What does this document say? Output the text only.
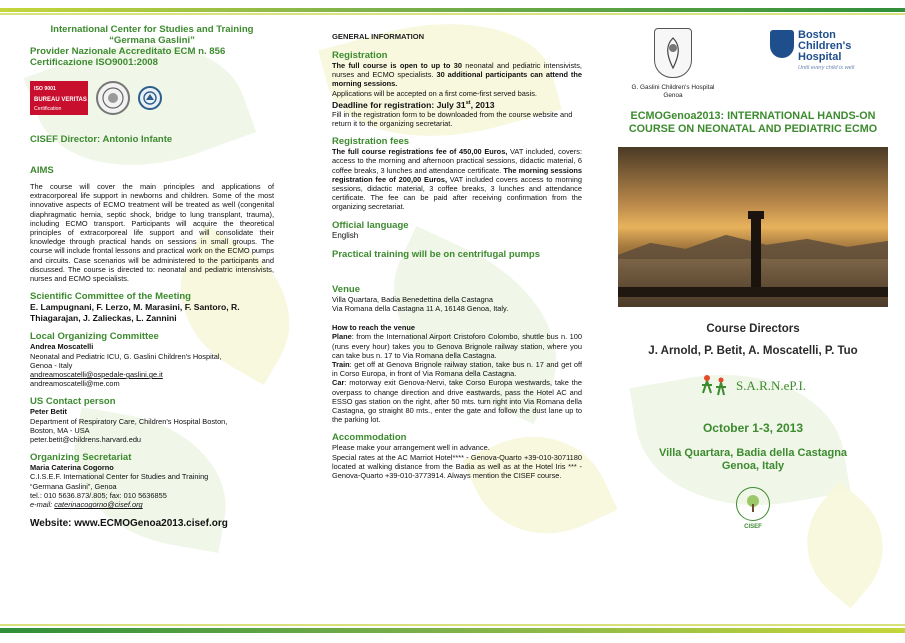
International Center for Studies and Training
“Germana Gaslini”
Provider Nazionale Accreditato ECM n. 856
Certificazione ISO9001:2008
ISO 9001
BUREAU VERITAS
Certification
CISEF Director: Antonio Infante
AIMS
The course will cover the main principles and applications of extracorporeal life support in newborns and children. Some of the most innovative aspects of ECMO treatment will be treated as well (congenital diaphragmatic hernia, septic shock, bridge to lung transplant, trauma), including ECMO transport. Participants will acquire the theoretical principles of extracorporeal life support and will consolidate their knowledge through practical hands on sessions in small groups. The course will include frontal lessons and practical work on the ECMO pumps and circuits. Case scenarios will be administered to the participants and discussed. The course is directed to: neonatal and pediatric intensivists, nurses and ECMO specialists.
Scientific Committee of the Meeting
E. Lampugnani, F. Lerzo, M. Marasini, F. Santoro, R. Thiagarajan, J. Zalieckas, L. Zannini
Local Organizing Committee
Andrea Moscatelli
Neonatal and Pediatric ICU, G. Gaslini Children's Hospital,
Genoa - Italy
andreamoscatelli@ospedale-gaslini.ge.it
andreamoscatelli@me.com
US Contact person
Peter Betit
Department of Respiratory Care, Children's Hospital Boston,
Boston, MA - USA
peter.betit@childrens.harvard.edu
Organizing Secretariat
Maria Caterina Cogorno
C.I.S.E.F. International Center for Studies and Training
“Germana Gaslini”, Genoa
tel.: 010 5636.873/.805; fax: 010 5636855
e-mail: caterinacogorno@cisef.org
Website: www.ECMOGenoa2013.cisef.org
GENERAL INFORMATION
Registration
The full course is open to up to 30 neonatal and pediatric intensivists, nurses and ECMO specialists. 30 additional participants can attend the morning sessions.
Applications will be accepted on a first come-first served basis.
Deadline for registration: July 31st, 2013
Fill in the registration form to be downloaded from the course website and return it to the organizing secretariat.
Registration fees
The full course registrations fee of 450,00 Euros, VAT included, covers: access to the morning and afternoon practical sessions, didactic material, 6 coffee breaks, 3 lunches and attendance certificate. The morning sessions registration fee of 200,00 Euros, VAT included covers access to morning sessions, didactic material, 3 coffee breaks, 3 lunches and attendance certificate. The fee can be paid after receiving confirmation from the organizing secretariat.
Official language
English
Practical training will be on centrifugal pumps
Venue
Villa Quartara, Badia Benedettina della Castagna
Via Romana della Castagna 11 A, 16148 Genoa, Italy.
How to reach the venue
Plane: from the International Airport Cristoforo Colombo, shuttle bus n. 100 (runs every hour) takes you to Genova Brignole railway station, where you can take bus n. 17 to Via Romana della Castagna.
Train: get off at Genova Brignole railway station, take bus n. 17 and get off in Corso Europa, in front of Via Romana della Castagna.
Car: motorway exit Genova-Nervi, take Corso Europa westwards, take the overpass to change direction and drive eastwards, pass the Hotel AC and ESSO gas station on the right, after 50 mts. turn right into Via Romana della Castagna, go straight 80 mts., enter the gate and follow the dust lane up to the parking lot.
Accommodation
Please make your arrangement well in advance.
Special rates at the AC Marriot Hotel**** - Genova-Quarto +39-010-3071180 located at walking distance from the Badia as well as at the Hotel Iris *** - Genova-Quarto +39-010-3773914. Always mention the CISEF course.
G. Gaslini Children's Hospital
Genoa
Boston
Children's
Hospital
Until every child is well
ECMOGenoa2013: INTERNATIONAL HANDS-ON COURSE ON NEONATAL AND PEDIATRIC ECMO
Course Directors
J. Arnold, P. Betit, A. Moscatelli, P. Tuo
S.A.R.N.eP.I.
October 1-3, 2013
Villa Quartara, Badia della Castagna
Genoa, Italy
CISEF
